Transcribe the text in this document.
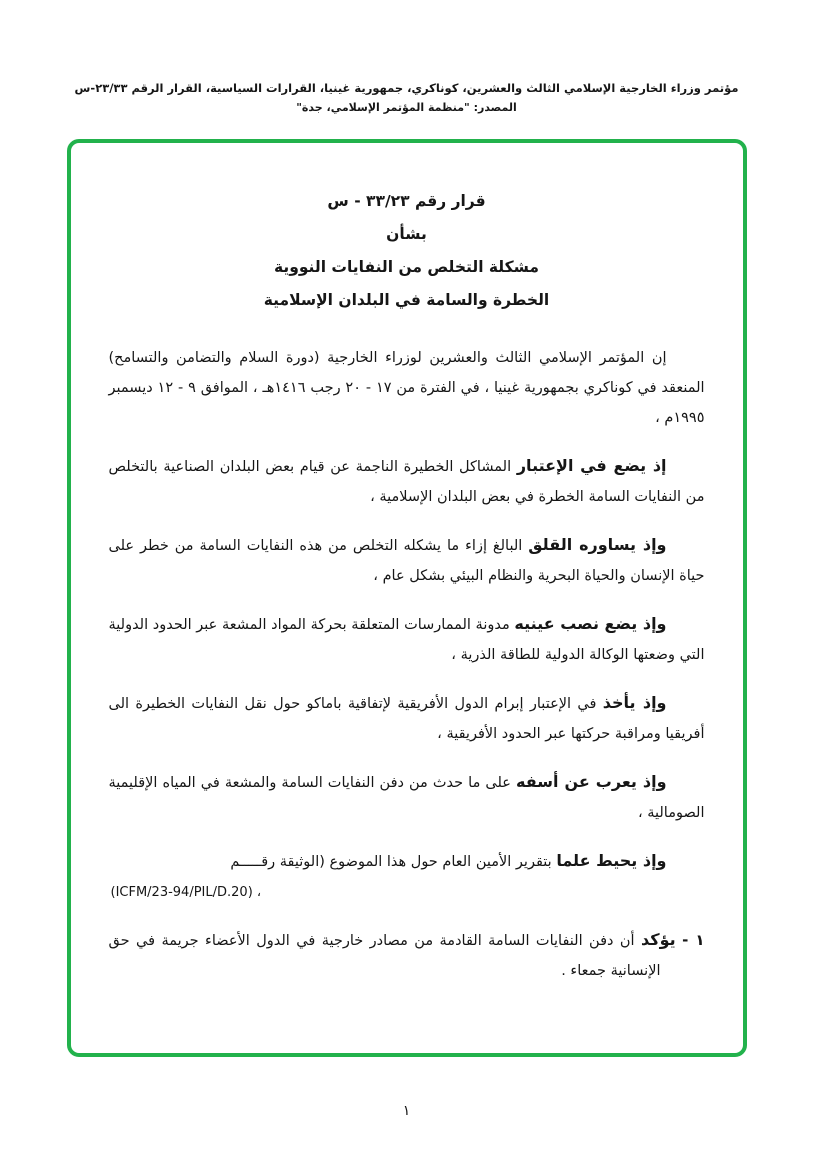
مؤتمر وزراء الخارجية الإسلامي الثالث والعشرين، كوناكري، جمهورية غينيا، القرارات السياسية، القرار الرقم ٢٣/٣٣-س
المصدر: "منظمة المؤتمر الإسلامي، جدة"
قرار رقم ٣٣/٢٣ - س
بشأن
مشكلة التخلص من النفايات النووية
الخطرة والسامة في البلدان الإسلامية

إن المؤتمر الإسلامي الثالث والعشرين لوزراء الخارجية (دورة السلام والتضامن والتسامح) المنعقد في كوناكري بجمهورية غينيا ، في الفترة من ١٧ - ٢٠ رجب ١٤١٦هـ ، الموافق ٩ - ١٢ ديسمبر ١٩٩٥م ،

إذ يضع في الإعتبار المشاكل الخطيرة الناجمة عن قيام بعض البلدان الصناعية بالتخلص من النفايات السامة الخطرة في بعض البلدان الإسلامية ،

وإذ يساوره القلق البالغ إزاء ما يشكله التخلص من هذه النفايات السامة من خطر على حياة الإنسان والحياة البحرية والنظام البيئي بشكل عام ،

وإذ يضع نصب عينيه مدونة الممارسات المتعلقة بحركة المواد المشعة عبر الحدود الدولية التي وضعتها الوكالة الدولية للطاقة الذرية ،

وإذ يأخذ في الإعتبار إبرام الدول الأفريقية لإتفاقية باماكو حول نقل النفايات الخطيرة الى أفريقيا ومراقبة حركتها عبر الحدود الأفريقية ،

وإذ يعرب عن أسفه على ما حدث من دفن النفايات السامة والمشعة في المياه الإقليمية الصومالية ،

وإذ يحيط علما بتقرير الأمين العام حول هذا الموضوع (الوثيقة رقـــــم

(ICFM/23-94/PIL/D.20) ،

١ - يؤكد أن دفن النفايات السامة القادمة من مصادر خارجية في الدول الأعضاء جريمة في حق الإنسانية جمعاء .

١
